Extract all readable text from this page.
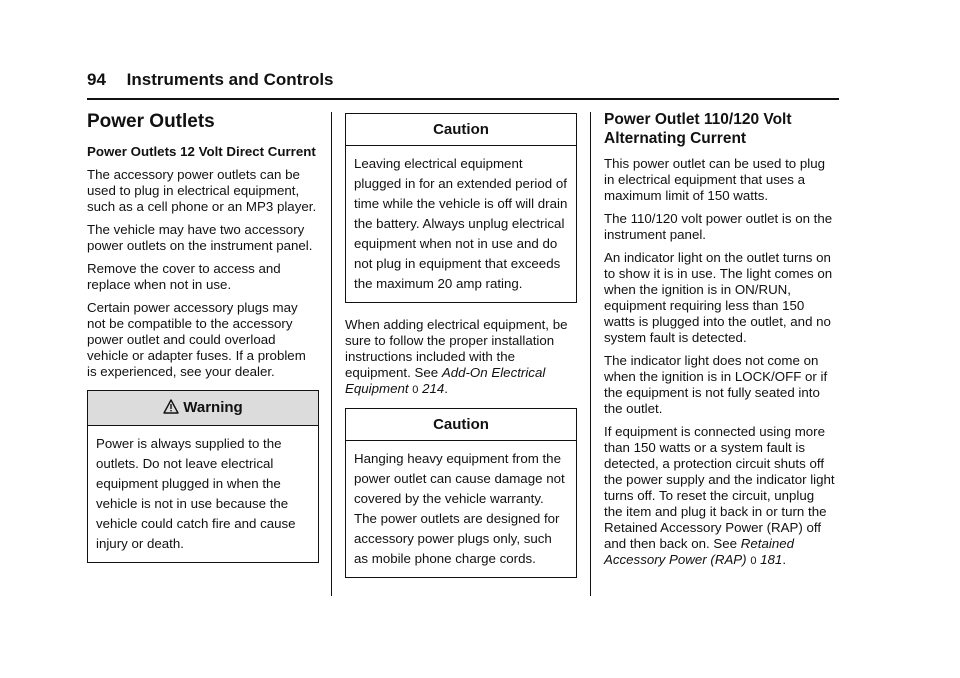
94 Instruments and Controls
Power Outlets
Power Outlets 12 Volt Direct Current

The accessory power outlets can be used to plug in electrical equipment, such as a cell phone or an MP3 player.

The vehicle may have two accessory power outlets on the instrument panel.

Remove the cover to access and replace when not in use.

Certain power accessory plugs may not be compatible to the accessory power outlet and could overload vehicle or adapter fuses. If a problem is experienced, see your dealer.

Warning
Power is always supplied to the outlets. Do not leave electrical equipment plugged in when the vehicle is not in use because the vehicle could catch fire and cause injury or death.
Caution
Leaving electrical equipment plugged in for an extended period of time while the vehicle is off will drain the battery. Always unplug electrical equipment when not in use and do not plug in equipment that exceeds the maximum 20 amp rating.

When adding electrical equipment, be sure to follow the proper installation instructions included with the equipment. See Add-On Electrical Equipment 0 214.

Caution
Hanging heavy equipment from the power outlet can cause damage not covered by the vehicle warranty. The power outlets are designed for accessory power plugs only, such as mobile phone charge cords.
Power Outlet 110/120 Volt Alternating Current

This power outlet can be used to plug in electrical equipment that uses a maximum limit of 150 watts.

The 110/120 volt power outlet is on the instrument panel.

An indicator light on the outlet turns on to show it is in use. The light comes on when the ignition is in ON/RUN, equipment requiring less than 150 watts is plugged into the outlet, and no system fault is detected.

The indicator light does not come on when the ignition is in LOCK/OFF or if the equipment is not fully seated into the outlet.

If equipment is connected using more than 150 watts or a system fault is detected, a protection circuit shuts off the power supply and the indicator light turns off. To reset the circuit, unplug the item and plug it back in or turn the Retained Accessory Power (RAP) off and then back on. See Retained Accessory Power (RAP) 0 181.
